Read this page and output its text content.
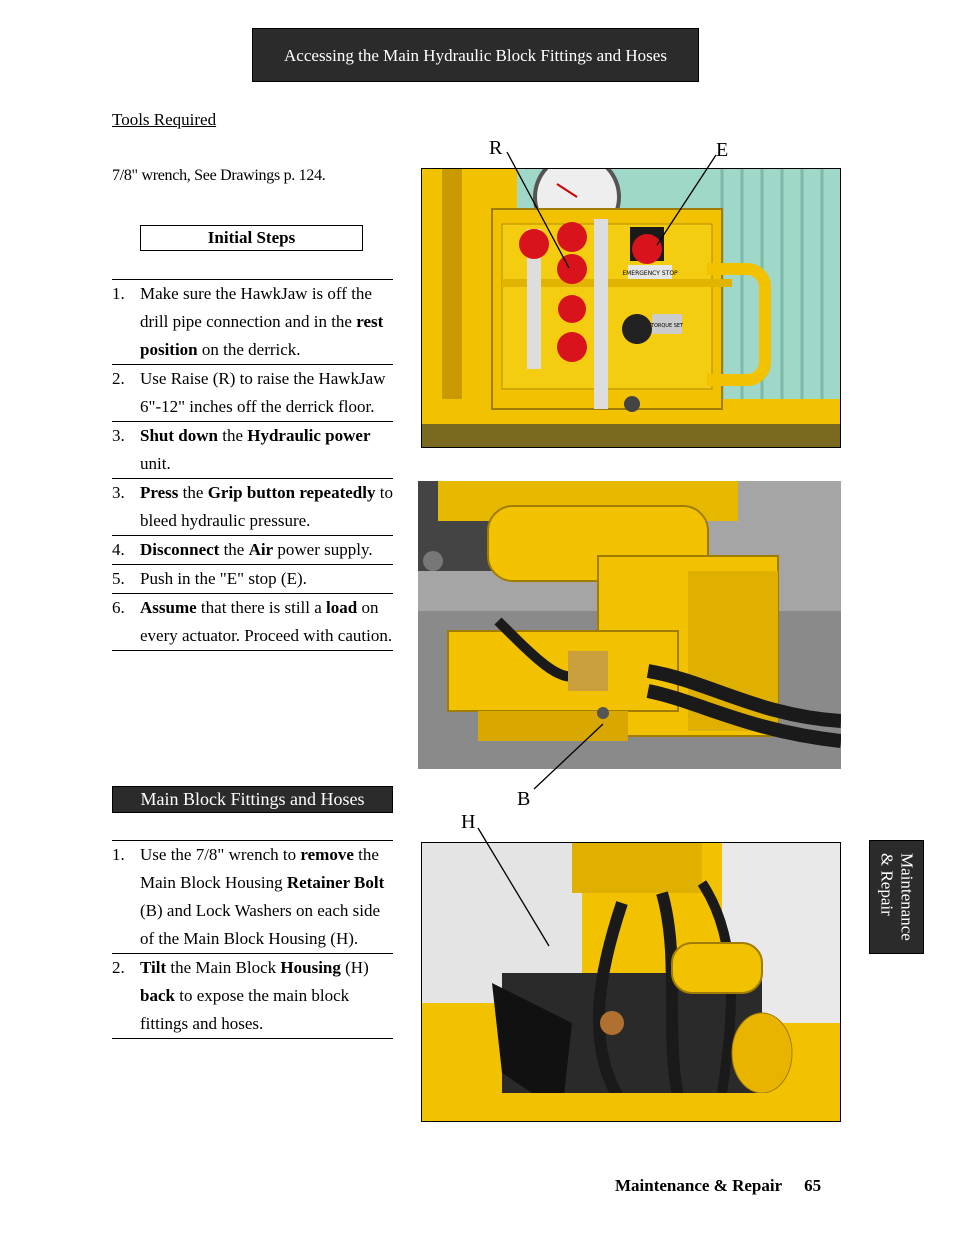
Accessing the Main Hydraulic Block Fittings and Hoses
Tools Required
7/8" wrench, See Drawings p. 124.
Initial Steps
1. Make sure the HawkJaw is off the drill pipe connection and in the rest position on the derrick.
2. Use Raise (R) to raise the HawkJaw 6"-12" inches off the derrick floor.
3. Shut down the Hydraulic power unit.
3. Press the Grip button repeatedly to bleed hydraulic pressure.
4. Disconnect the Air power supply.
5. Push in the "E" stop (E).
6. Assume that there is still a load on every actuator. Proceed with caution.
Main Block Fittings and Hoses
1. Use the 7/8" wrench to remove the Main Block Housing Retainer Bolt (B) and Lock Washers on each side of the Main Block Housing (H).
2. Tilt the Main Block Housing (H) back to expose the main block fittings and hoses.
EMERGENCY STOP
TORQUE SET
R	E
B
H
Maintenance
& Repair
Maintenance & Repair 65
